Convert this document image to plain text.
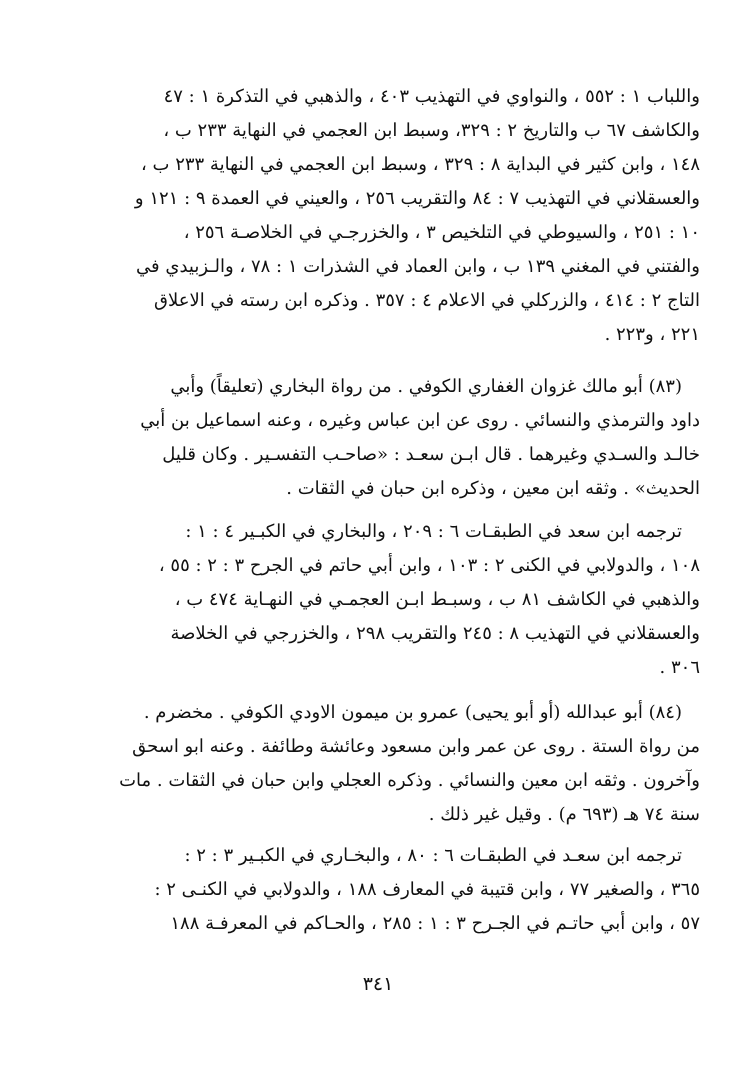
واللباب ١ : ٥٥٢ ، والنواوي في التهذيب ٤٠٣ ، والذهبي في التذكرة ١ : ٤٧
والكاشف ٦٧ ب والتاريخ ٢ : ٣٢٩، وسبط ابن العجمي في النهاية ٢٣٣ ب ،
١٤٨ ، وابن كثير في البداية ٨ : ٣٢٩ ، وسبط ابن العجمي في النهاية ٢٣٣ ب ،
والعسقلاني في التهذيب ٧ : ٨٤ والتقريب ٢٥٦ ، والعيني في العمدة ٩ : ١٢١ و
١٠ : ٢٥١ ، والسيوطي في التلخيص ٣ ، والخزرجـي في الخلاصـة ٢٥٦ ،
والفتني في المغني ١٣٩ ب ، وابن العماد في الشذرات ١ : ٧٨ ، والـزبيدي في
التاج ٢ : ٤١٤ ، والزركلي في الاعلام ٤ : ٣٥٧ . وذكره ابن رسته في الاعلاق
٢٢١ ، و٢٢٣ .
(٨٣) أبو مالك غزوان الغفاري الكوفي . من رواة البخاري (تعليقاً) وأبي
داود والترمذي والنسائي . روى عن ابن عباس وغيره ، وعنه اسماعيل بن أبي
خالـد والسـدي وغيرهما . قال ابـن سعـد : «صاحـب التفسـير . وكان قليل
الحديث» . وثقه ابن معين ، وذكره ابن حبان في الثقات .
ترجمه ابن سعد في الطبقـات ٦ : ٢٠٩ ، والبخاري في الكبـير ٤ : ١ :
١٠٨ ، والدولابي في الكنى ٢ : ١٠٣ ، وابن أبي حاتم في الجرح ٣ : ٢ : ٥٥ ،
والذهبي في الكاشف ٨١ ب ، وسبـط ابـن العجمـي في النهـاية ٤٧٤ ب ،
والعسقلاني في التهذيب ٨ : ٢٤٥ والتقريب ٢٩٨ ، والخزرجي في الخلاصة
٣٠٦ .
(٨٤) أبو عبدالله (أو أبو يحيى) عمرو بن ميمون الاودي الكوفي . مخضرم .
من رواة الستة . روى عن عمر وابن مسعود وعائشة وطائفة . وعنه ابو اسحق
وآخرون . وثقه ابن معين والنسائي . وذكره العجلي وابن حبان في الثقات . مات
سنة ٧٤ هـ (٦٩٣ م) . وقيل غير ذلك .
ترجمه ابن سعـد في الطبقـات ٦ : ٨٠ ، والبخـاري في الكبـير ٣ : ٢ :
٣٦٥ ، والصغير ٧٧ ، وابن قتيبة في المعارف ١٨٨ ، والدولابي في الكنـى ٢ :
٥٧ ، وابن أبي حاتـم في الجـرح ٣ : ١ : ٢٨٥ ، والحـاكم في المعرفـة ١٨٨
٣٤١
